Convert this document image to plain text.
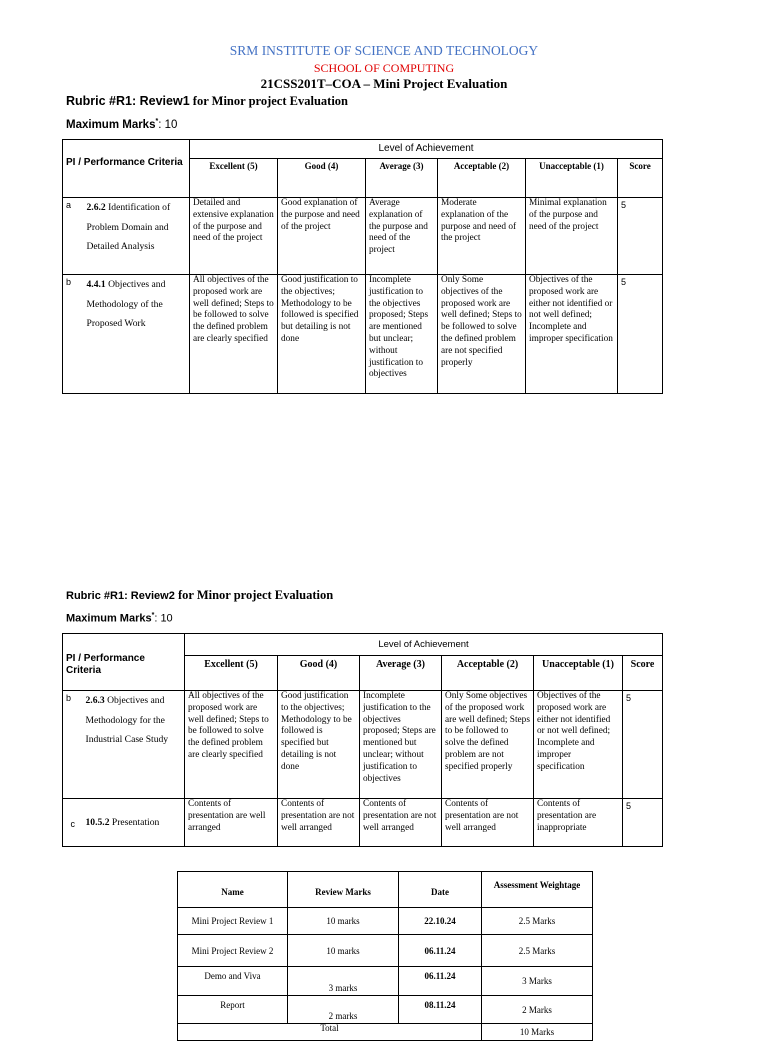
SRM INSTITUTE OF SCIENCE AND TECHNOLOGY
SCHOOL OF COMPUTING
21CSS201T–COA – Mini Project Evaluation
Rubric #R1: Review1 for Minor project Evaluation
Maximum Marks*: 10
PI / Performance Criteria		Level of Achievement					
		Excellent (5)	Good (4)	Average (3)	Acceptable (2)	Unacceptable (1)	Score
a	2.6.2 Identification of Problem Domain and Detailed Analysis	Detailed and extensive explanation of the purpose and need of the project	Good explanation of the purpose and need of the project	Average explanation of the purpose and need of the project	Moderate explanation of the purpose and need of the project	Minimal explanation of the purpose and need of the project	5
b	4.4.1 Objectives and Methodology of the Proposed Work	All objectives of the proposed work are well defined; Steps to be followed to solve the defined problem are clearly specified	Good justification to the objectives; Methodology to be followed is specified but detailing is not done	Incomplete justification to the objectives proposed; Steps are mentioned but unclear; without justification to objectives	Only Some objectives of the proposed work are well defined; Steps to be followed to solve the defined problem are not specified properly	Objectives of the proposed work are either not identified or not well defined; Incomplete and improper specification	5
Rubric #R1: Review2 for Minor project Evaluation
Maximum Marks*: 10
PI / Performance Criteria		Level of Achievement					
		Excellent (5)	Good (4)	Average (3)	Acceptable (2)	Unacceptable (1)	Score
b	2.6.3 Objectives and Methodology for the Industrial Case Study	All objectives of the proposed work are well defined; Steps to be followed to solve the defined problem are clearly specified	Good justification to the objectives; Methodology to be followed is specified but detailing is not done	Incomplete justification to the objectives proposed; Steps are mentioned but unclear; without justification to objectives	Only Some objectives of the proposed work are well defined; Steps to be followed to solve the defined problem are not specified properly	Objectives of the proposed work are either not identified or not well defined; Incomplete and improper specification	5
c	10.5.2 Presentation	Contents of presentation are well arranged	Contents of presentation are not well arranged	Contents of presentation are not well arranged	Contents of presentation are not well arranged	Contents of presentation are inappropriate	5
Name	Review Marks	Date	Assessment Weightage
Mini Project Review 1	10 marks	22.10.24	2.5 Marks
Mini Project Review 2	10 marks	06.11.24	2.5 Marks
Demo and Viva	3 marks	06.11.24	3 Marks
Report	2 marks	08.11.24	2 Marks
Total			10 Marks
